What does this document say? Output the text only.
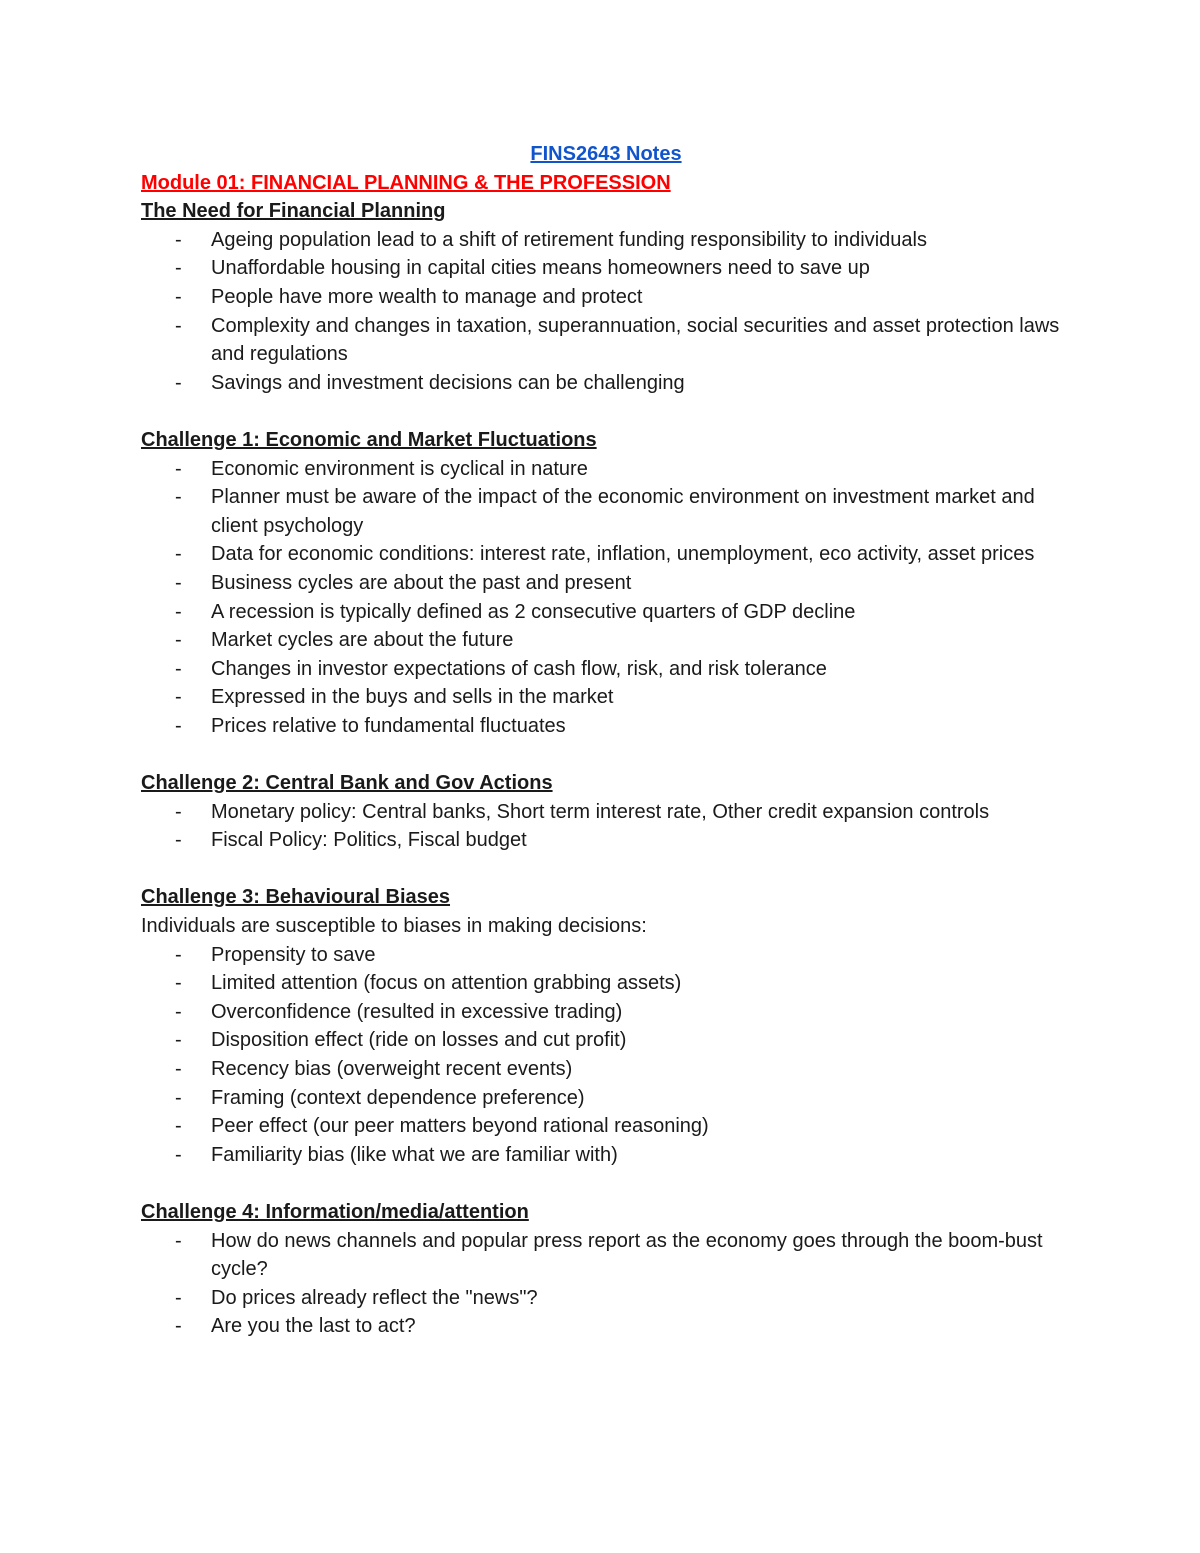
FINS2643 Notes
Module 01: FINANCIAL PLANNING & THE PROFESSION
The Need for Financial Planning
- Ageing population lead to a shift of retirement funding responsibility to individuals
- Unaffordable housing in capital cities means homeowners need to save up
- People have more wealth to manage and protect
- Complexity and changes in taxation, superannuation, social securities and asset protection laws and regulations
- Savings and investment decisions can be challenging
Challenge 1: Economic and Market Fluctuations
- Economic environment is cyclical in nature
- Planner must be aware of the impact of the economic environment on investment market and client psychology
- Data for economic conditions: interest rate, inflation, unemployment, eco activity, asset prices
- Business cycles are about the past and present
- A recession is typically defined as 2 consecutive quarters of GDP decline
- Market cycles are about the future
- Changes in investor expectations of cash flow, risk, and risk tolerance
- Expressed in the buys and sells in the market
- Prices relative to fundamental fluctuates
Challenge 2: Central Bank and Gov Actions
- Monetary policy: Central banks, Short term interest rate, Other credit expansion controls
- Fiscal Policy: Politics, Fiscal budget
Challenge 3: Behavioural Biases

Individuals are susceptible to biases in making decisions:

- Propensity to save
- Limited attention (focus on attention grabbing assets)
- Overconfidence (resulted in excessive trading)
- Disposition effect (ride on losses and cut profit)
- Recency bias (overweight recent events)
- Framing (context dependence preference)
- Peer effect (our peer matters beyond rational reasoning)
- Familiarity bias (like what we are familiar with)
Challenge 4: Information/media/attention
- How do news channels and popular press report as the economy goes through the boom-bust cycle?
- Do prices already reflect the "news"?
- Are you the last to act?
